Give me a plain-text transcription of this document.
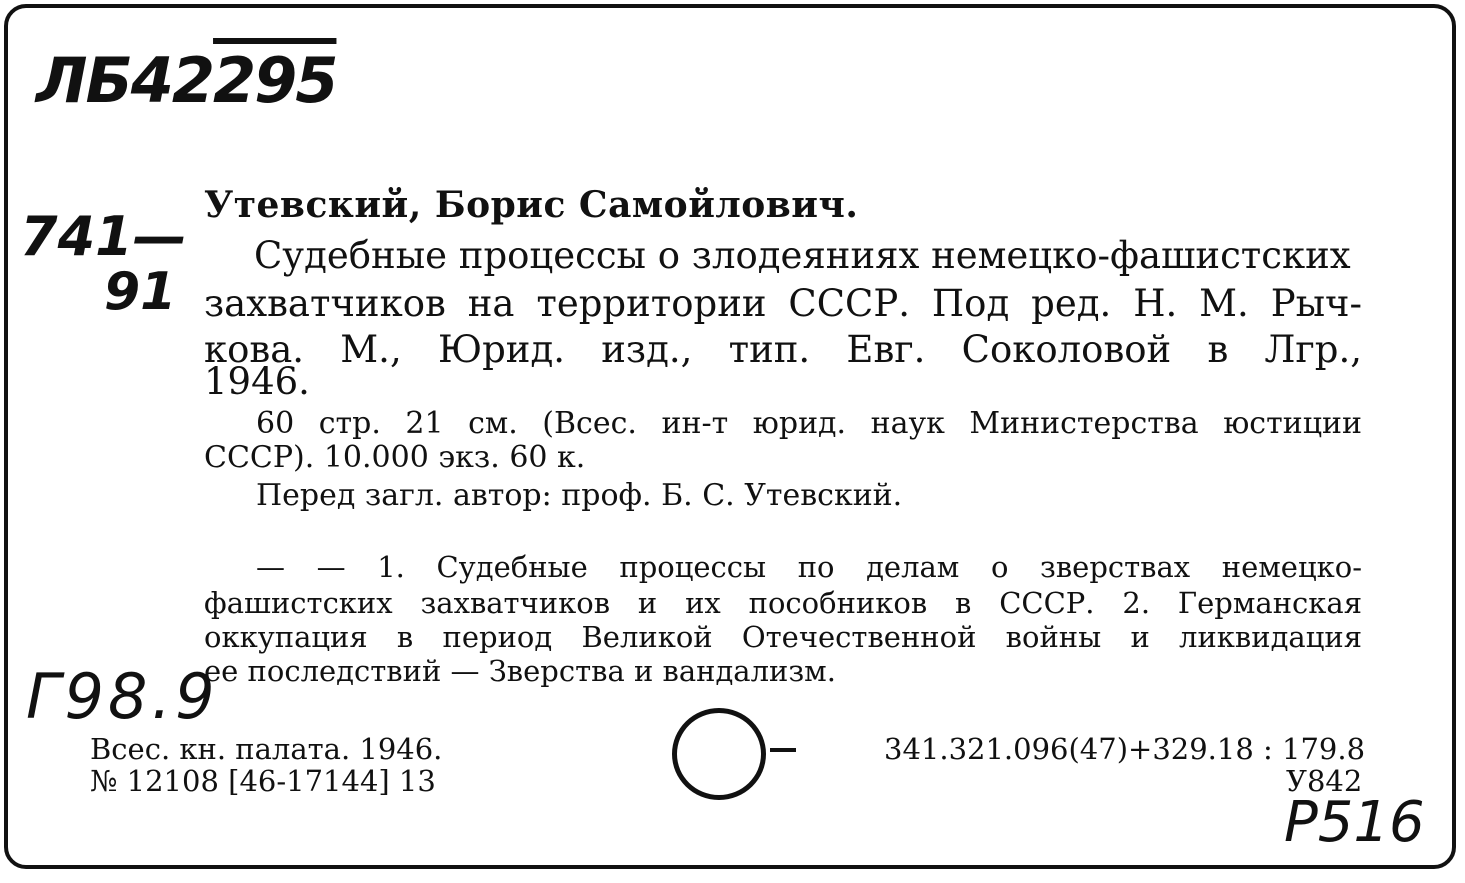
ЛБ42295
741—
91
Г98.9
P516
Утевский, Борис Самойлович.
Судебные процессы о злодеяниях немецко-фашистских
захватчиков на территории СССР. Под ред. Н. М. Рыч-
кова. М., Юрид. изд., тип. Евг. Соколовой в Лгр.,
1946.
60 стр. 21 см. (Всес. ин-т юрид. наук Министерства юстиции
СССР). 10.000 экз. 60 к.
Перед загл. автор: проф. Б. С. Утевский.
— — 1. Судебные процессы по делам о зверствах немецко-
фашистских захватчиков и их пособников в СССР. 2. Германская
оккупация в период Великой Отечественной войны и ликвидация
ее последствий — Зверства и вандализм.
Всес. кн. палата. 1946.
№ 12108 [46-17144] 13
341.321.096(47)+329.18 : 179.8
У842
